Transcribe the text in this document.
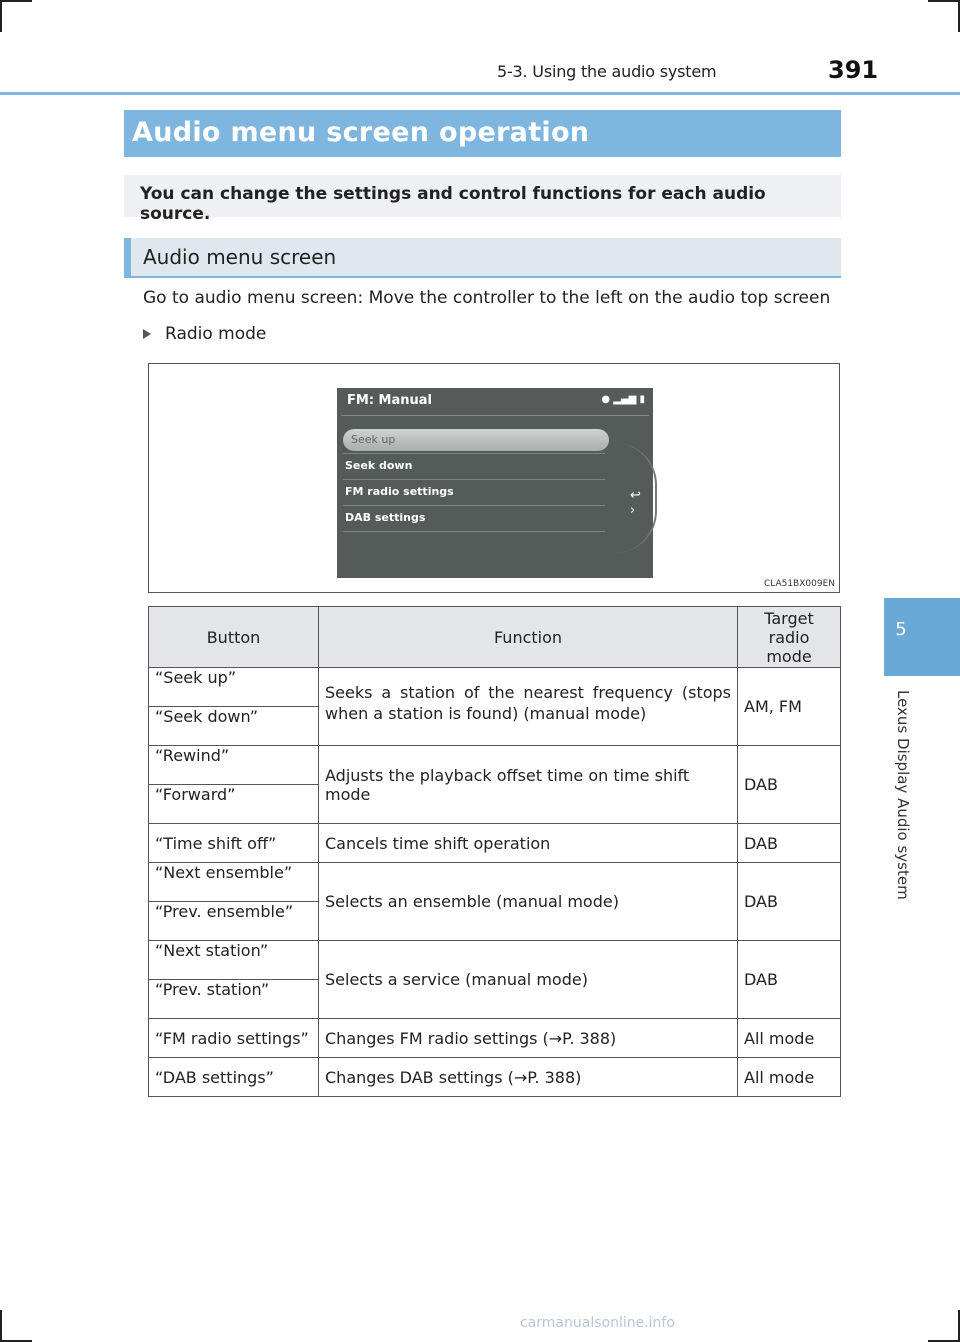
5-3. Using the audio system	391
5
Lexus Display Audio system
Audio menu screen operation
You can change the settings and control functions for each audio source.
Audio menu screen
Go to audio menu screen: Move the controller to the left on the audio top screen
Radio mode
FM: Manual	● ▂▄▆ ▮
Seek up
Seek down
FM radio settings
DAB settings
↩
›
CLA51BX009EN
Button	Function	Target
radio mode
“Seek up”	Seeks a station of the nearest frequency (stops when a station is found) (manual mode)	AM, FM
“Seek down”		
“Rewind”	Adjusts the playback offset time on time shift mode	DAB
“Forward”		
“Time shift off”	Cancels time shift operation	DAB
“Next ensemble”	Selects an ensemble (manual mode)	DAB
“Prev. ensemble”		
“Next station”	Selects a service (manual mode)	DAB
“Prev. station”		
“FM radio settings”	Changes FM radio settings (→P. 388)	All mode
“DAB settings”	Changes DAB settings (→P. 388)	All mode
carmanualsonline.info
